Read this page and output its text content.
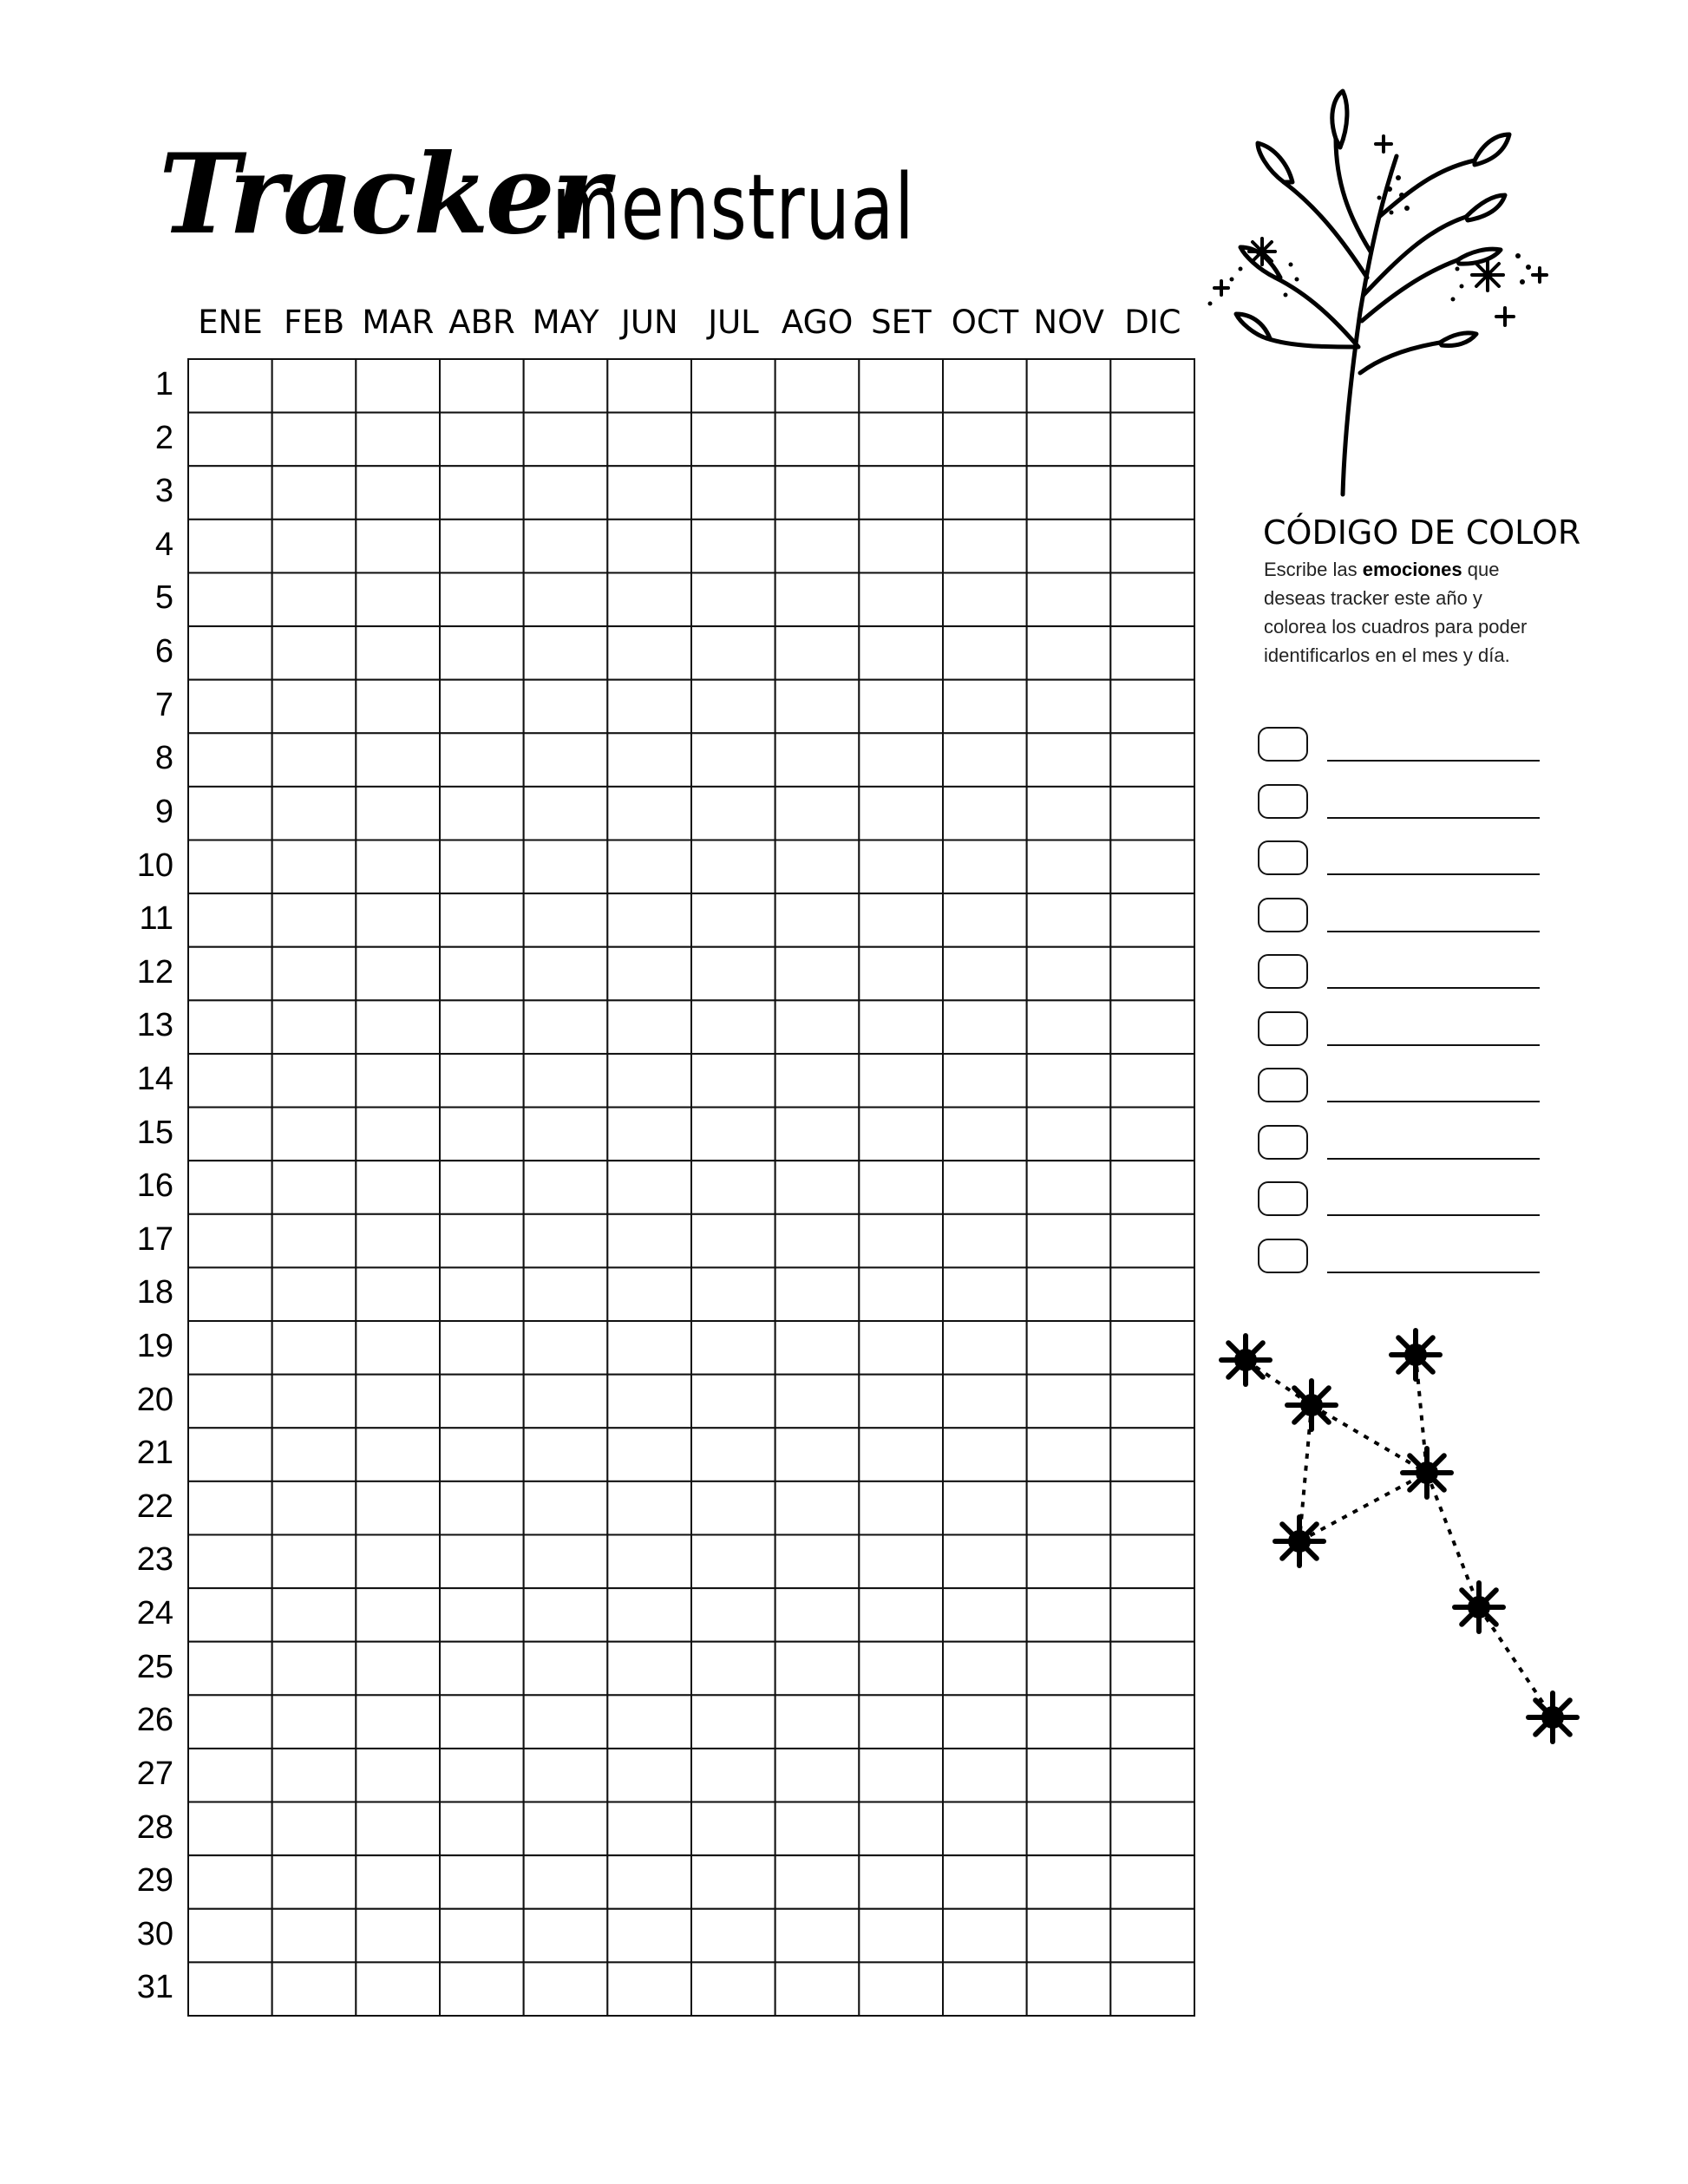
Tracker
menstrual
ENE FEB MAR ABR MAY JUN JUL AGO SET OCT NOV DIC
1
2
3
4
5
6
7
8
9
10
11
12
13
14
15
16
17
18
19
20
21
22
23
24
25
26
27
28
29
30
31
CÓDIGO DE COLOR
Escribe las emociones que deseas tracker este año y colorea los cuadros para poder identificarlos en el mes y día.
